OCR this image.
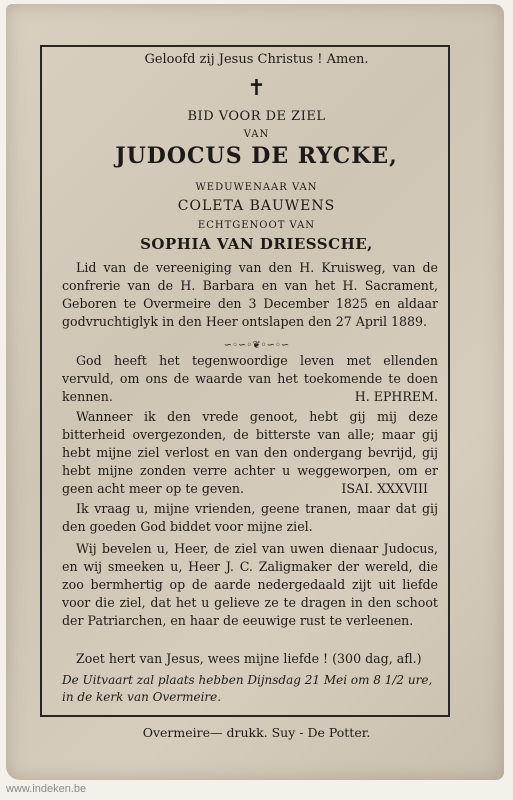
Geloofd zij Jesus Christus ! Amen.
✝
BID VOOR DE ZIEL
VAN
JUDOCUS DE RYCKE,
WEDUWENAAR VAN
COLETA BAUWENS
ECHTGENOOT VAN
SOPHIA VAN DRIESSCHE,

Lid van de vereeniging van den H. Kruisweg, van de confrerie van de H. Barbara en van het H. Sacrament, Geboren te Overmeire den 3 December 1825 en aldaar godvruchtiglyk in den Heer ontslapen den 27 April 1889.

∽◦∽◦❦◦∽◦∽

God heeft het tegenwoordige leven met ellenden vervuld, om ons de waarde van het toekomende te doen kennen.	H. EPHREM.

Wanneer ik den vrede genoot, hebt gij mij deze bitterheid overgezonden, de bitterste van alle; maar gij hebt mijne ziel verlost en van den ondergang bevrijd, gij hebt mijne zonden verre achter u weggeworpen, om er geen acht meer op te geven.	ISAI. XXXVIII

Ik vraag u, mijne vrienden, geene tranen, maar dat gij den goeden God biddet voor mijne ziel.

Wij bevelen u, Heer, de ziel van uwen dienaar Judocus, en wij smeeken u, Heer J. C. Zaligmaker der wereld, die zoo bermhertig op de aarde nedergedaald zijt uit liefde voor die ziel, dat het u gelieve ze te dragen in den schoot der Patriarchen, en haar de eeuwige rust te verleenen.

Zoet hert van Jesus, wees mijne liefde ! (300 dag, afl.)

De Uitvaart zal plaats hebben Dijnsdag 21 Mei om 8 1/2 ure, in de kerk van Overmeire.
Overmeire— drukk. Suy - De Potter.
www.indeken.be
